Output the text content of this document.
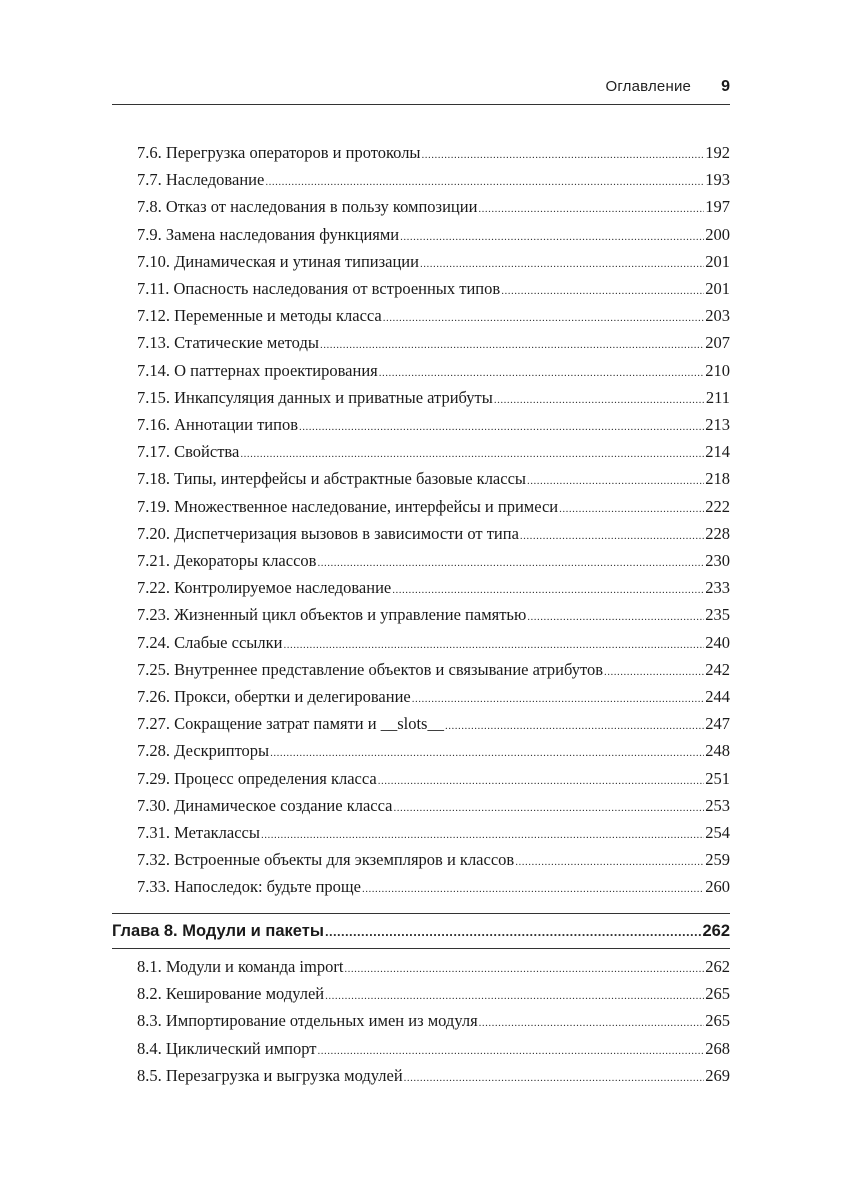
Оглавление 9
7.6. Перегрузка операторов и протоколы .....	192
7.7. Наследование .....	193
7.8. Отказ от наследования в пользу композиции .....	197
7.9. Замена наследования функциями .....	200
7.10. Динамическая и утиная типизации .....	201
7.11. Опасность наследования от встроенных типов .....	201
7.12. Переменные и методы класса .....	203
7.13. Статические методы .....	207
7.14. О паттернах проектирования .....	210
7.15. Инкапсуляция данных и приватные атрибуты .....	211
7.16. Аннотации типов .....	213
7.17. Свойства .....	214
7.18. Типы, интерфейсы и абстрактные базовые классы .....	218
7.19. Множественное наследование, интерфейсы и примеси .....	222
7.20. Диспетчеризация вызовов в зависимости от типа .....	228
7.21. Декораторы классов .....	230
7.22. Контролируемое наследование .....	233
7.23. Жизненный цикл объектов и управление памятью .....	235
7.24. Слабые ссылки .....	240
7.25. Внутреннее представление объектов и связывание атрибутов .....	242
7.26. Прокси, обертки и делегирование .....	244
7.27. Сокращение затрат памяти и __slots__ .....	247
7.28. Дескрипторы .....	248
7.29. Процесс определения класса .....	251
7.30. Динамическое создание класса .....	253
7.31. Метаклассы .....	254
7.32. Встроенные объекты для экземпляров и классов .....	259
7.33. Напоследок: будьте проще .....	260
Глава 8. Модули и пакеты .....	262
8.1. Модули и команда import .....	262
8.2. Кеширование модулей .....	265
8.3. Импортирование отдельных имен из модуля .....	265
8.4. Циклический импорт .....	268
8.5. Перезагрузка и выгрузка модулей .....	269
